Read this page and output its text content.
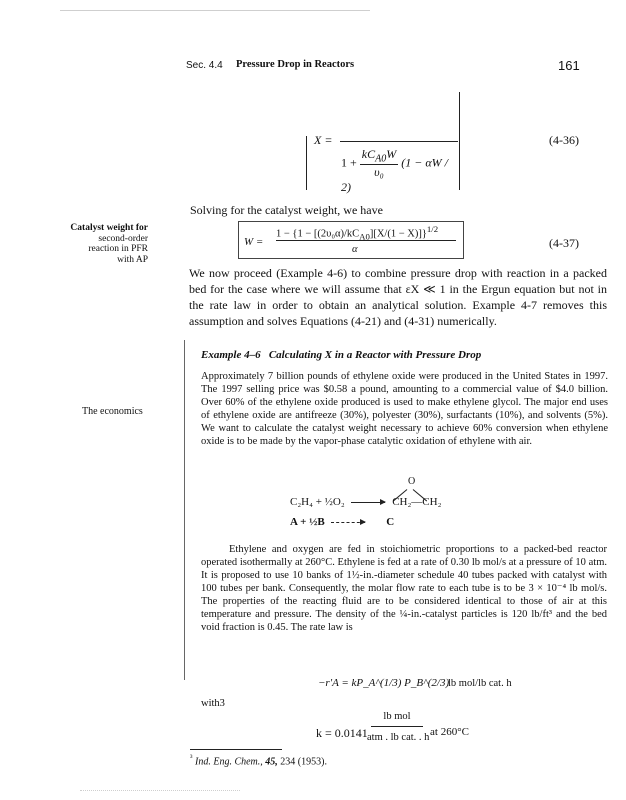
Sec. 4.4 Pressure Drop in Reactors	161
X =
$1 + \frac{kC_{A0}W}{\text{υ₀}} (1 - \alpha W / 2)$
(4-36)
Solving for the catalyst weight, we have
Catalyst weight for
second-order
reaction in PFR
with AP
W =
$1 - \{1 - [(2\upsilon_0\alpha)/kC_{A0}][X/(1 - X)]\}^{1/2}$
α	(4-37)
We now proceed (Example 4-6) to combine pressure drop with reaction in a packed bed for the case where we will assume that εX ≪ 1 in the Ergun equation but not in the rate law in order to obtain an analytical solution. Example 4-7 removes this assumption and solves Equations (4-21) and (4-31) numerically.
Example 4–6 Calculating X in a Reactor with Pressure Drop
The economics
Approximately 7 billion pounds of ethylene oxide were produced in the United States in 1997. The 1997 selling price was $0.58 a pound, amounting to a commercial value of $4.0 billion. Over 60% of the ethylene oxide produced is used to make ethylene glycol. The major end uses of ethylene oxide are antifreeze (30%), polyester (30%), surfactants (10%), and solvents (5%). We want to calculate the catalyst weight necessary to achieve 60% conversion when ethylene oxide is to be made by the vapor-phase catalytic oxidation of ethylene with air.
O
C₂H₄ + ½O₂ → CH₂—CH₂
A + ½B → C
Ethylene and oxygen are fed in stoichiometric proportions to a packed-bed reactor operated isothermally at 260°C. Ethylene is fed at a rate of 0.30 lb mol/s at a pressure of 10 atm. It is proposed to use 10 banks of 1½-in.-diameter schedule 40 tubes packed with catalyst with 100 tubes per bank. Consequently, the molar flow rate to each tube is to be 3 × 10⁻⁴ lb mol/s. The properties of the reacting fluid are to be considered identical to those of air at this temperature and pressure. The density of the ¼-in.-catalyst particles is 120 lb/ft³ and the bed void fraction is 0.45. The rate law is
−r′A = kP_A^(1/3) P_B^(2/3)
lb mol/lb cat. h
with3
k = 0.0141
lb mol
atm . lb cat. . h at 260°C
$^{^3}$ Ind. Eng. Chem., 45, 234 (1953).
